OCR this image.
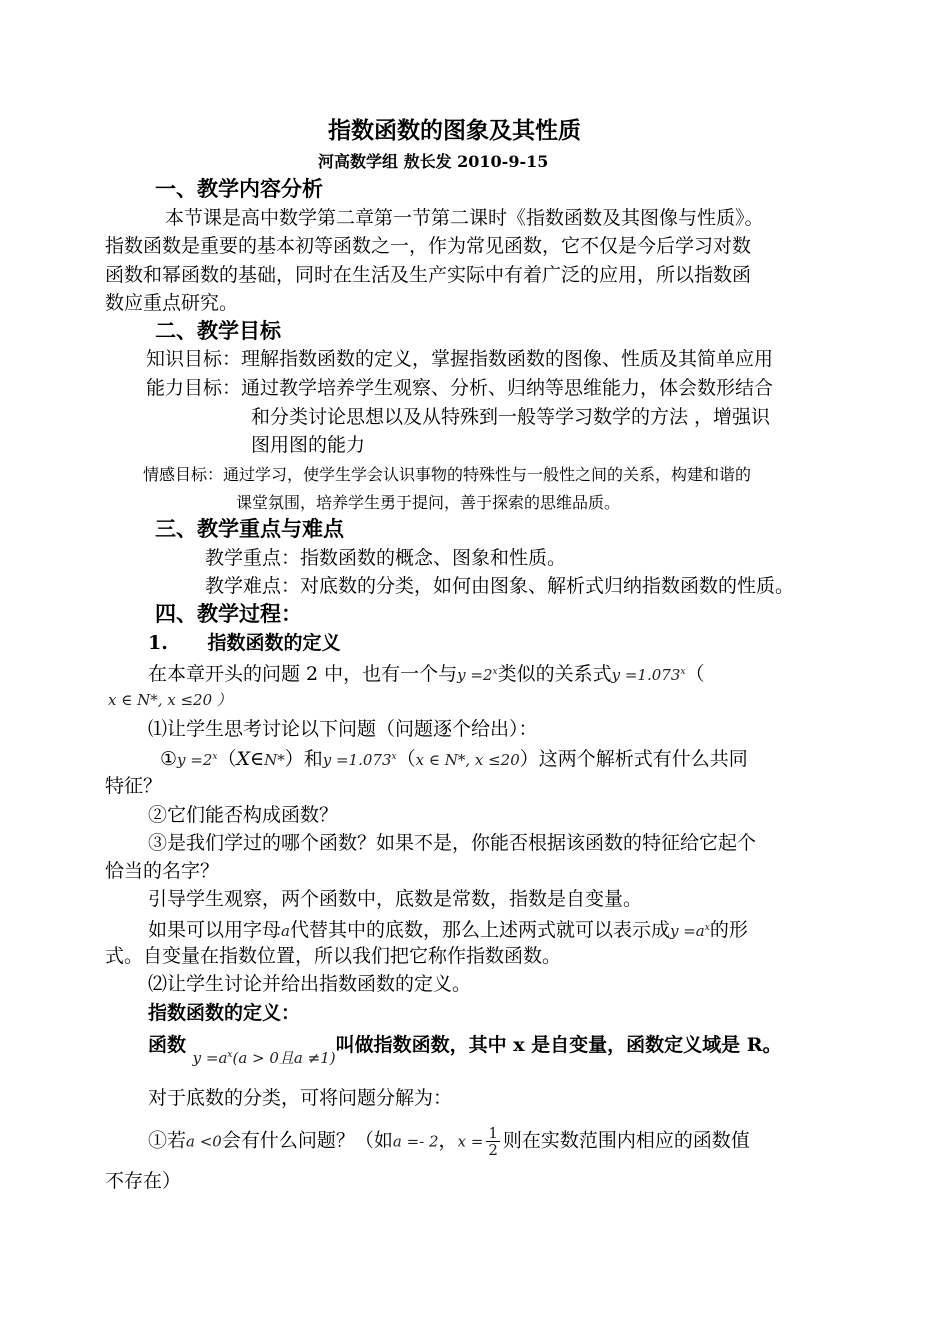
指数函数的图象及其性质
河高数学组 敖长发 2010-9-15
一、教学内容分析
本节课是高中数学第二章第一节第二课时《指数函数及其图像与性质》。
指数函数是重要的基本初等函数之一，作为常见函数，它不仅是今后学习对数
函数和幂函数的基础，同时在生活及生产实际中有着广泛的应用，所以指数函
数应重点研究。
二、教学目标
知识目标：理解指数函数的定义，掌握指数函数的图像、性质及其简单应用
能力目标：通过教学培养学生观察、分析、归纳等思维能力，体会数形结合
和分类讨论思想以及从特殊到一般等学习数学的方法 ，增强识
图用图的能力
情感目标：通过学习，使学生学会认识事物的特殊性与一般性之间的关系，构建和谐的
课堂氛围，培养学生勇于提问，善于探索的思维品质。
三、教学重点与难点
教学重点：指数函数的概念、图象和性质。
教学难点：对底数的分类，如何由图象、解析式归纳指数函数的性质。
四、教学过程：
1.      指数函数的定义
在本章开头的问题 2 中，也有一个与$y =2^x$类似的关系式$y =1.073^x$（
x ∈ N*, x ≤20 ）
⑴让学生思考讨论以下问题（问题逐个给出）：
①y $=2^x(X\in N*)$和$y =1.073^x(x$ ∈ N*, x ≤20）这两个解析式有什么共同
特征？
②它们能否构成函数？
③是我们学过的哪个函数？如果不是，你能否根据该函数的特征给它起个
恰当的名字？
引导学生观察，两个函数中，底数是常数，指数是自变量。
如果可以用字母a代替其中的底数，那么上述两式就可以表示成$y =a^x$的形
式。自变量在指数位置，所以我们把它称作指数函数。
⑵让学生讨论并给出指数函数的定义。
指数函数的定义：
函数 $_{y =a^x(a > 0且a \ne 1)}$叫做指数函数，其中 x 是自变量，函数定义域是 R。
对于底数的分类，可将问题分解为：
①若a <0会有什么问题？（如a =- 2，$x = \frac{1}{2}$ 则在实数范围内相应的函数值
不存在）
